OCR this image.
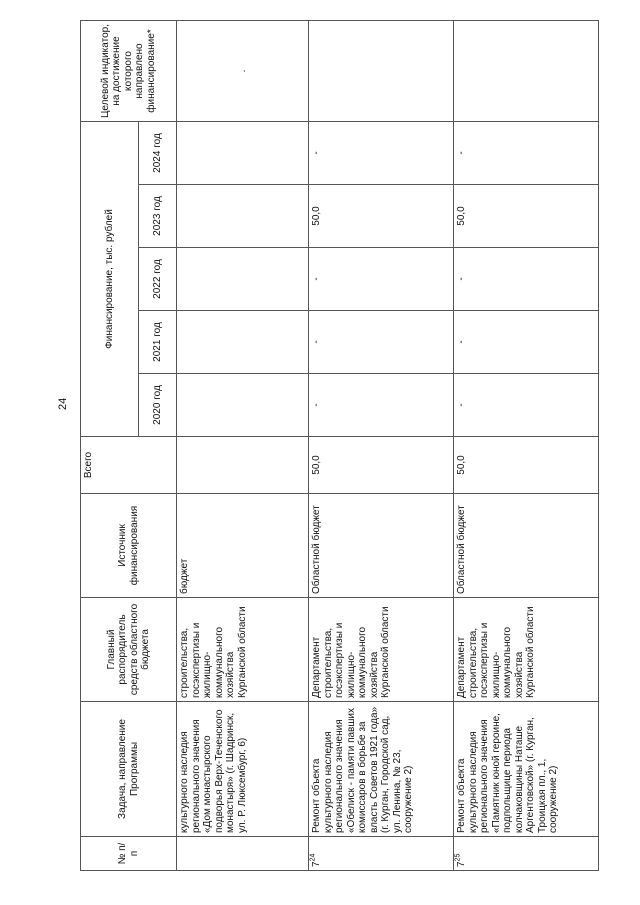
24
№ п/п	Задача, направление Программы	Главный распорядитель средств областного бюджета	Источник финансирования	Всего	Финансирование, тыс. рублей					Целевой индикатор, на достижение которого направлено финансирование*
					2020 год	2021 год	2022 год	2023 год	2024 год	
	культурного наследия регионального значения «Дом монастырского подворья Верх-Теченского монастыря» (г. Шадринск, ул. Р. Люксембург, 6)	строительства, госэкспертизы и жилищно-коммунального хозяйства Курганской области	бюджет							.
$7^{24}$	Ремонт объекта культурного наследия регионального значения «Обелиск - памяти павших комиссаров в борьбе за власть Советов 1921 года» (г. Курган, Городской сад, ул. Ленина, № 23, сооружение 2)	Департамент строительства, госэкспертизы и жилищно-коммунального хозяйства Курганской области	Областной бюджет	50,0	-	-	-	50,0	-	
$7^{25}$	Ремонт объекта культурного наследия регионального значения «Памятник юной героине, подпольщице периода колчаковщины Наташе Аргентовской» (г. Курган, Троицкая пл., 1, сооружение 2)	Департамент строительства, госэкспертизы и жилищно-коммунального хозяйства Курганской области	Областной бюджет	50,0	-	-	-	50,0	-	
